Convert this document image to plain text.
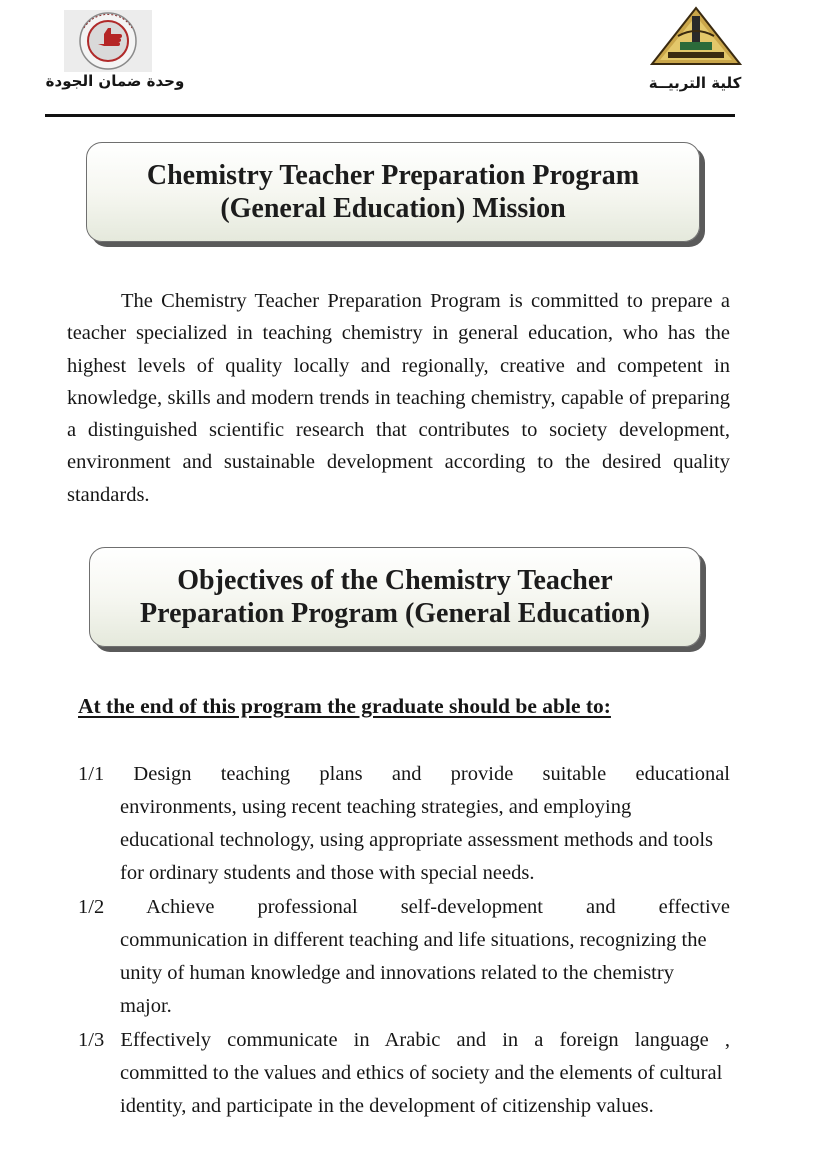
وحدة ضمان الجودة	كلية التربيــة
Chemistry Teacher Preparation Program
(General Education) Mission

The Chemistry Teacher Preparation Program is committed to prepare a teacher specialized in teaching chemistry in general education, who has the highest levels of quality locally and regionally, creative and competent in knowledge, skills and modern trends in teaching chemistry, capable of preparing a distinguished scientific research that contributes to society development, environment and sustainable development according to the desired quality standards.

Objectives of the Chemistry Teacher
Preparation Program (General Education)
At the end of this program the graduate should be able to:

1/1 Design teaching plans and provide suitable educational

environments, using recent teaching strategies, and employing educational technology, using appropriate assessment methods and tools for ordinary students and those with special needs.

1/2 Achieve professional self-development and effective

communication in different teaching and life situations, recognizing the unity of human knowledge and innovations related to the chemistry major.

1/3 Effectively communicate in Arabic and in a foreign language ,

committed to the values and ethics of society and the elements of cultural identity, and participate in the development of citizenship values.
